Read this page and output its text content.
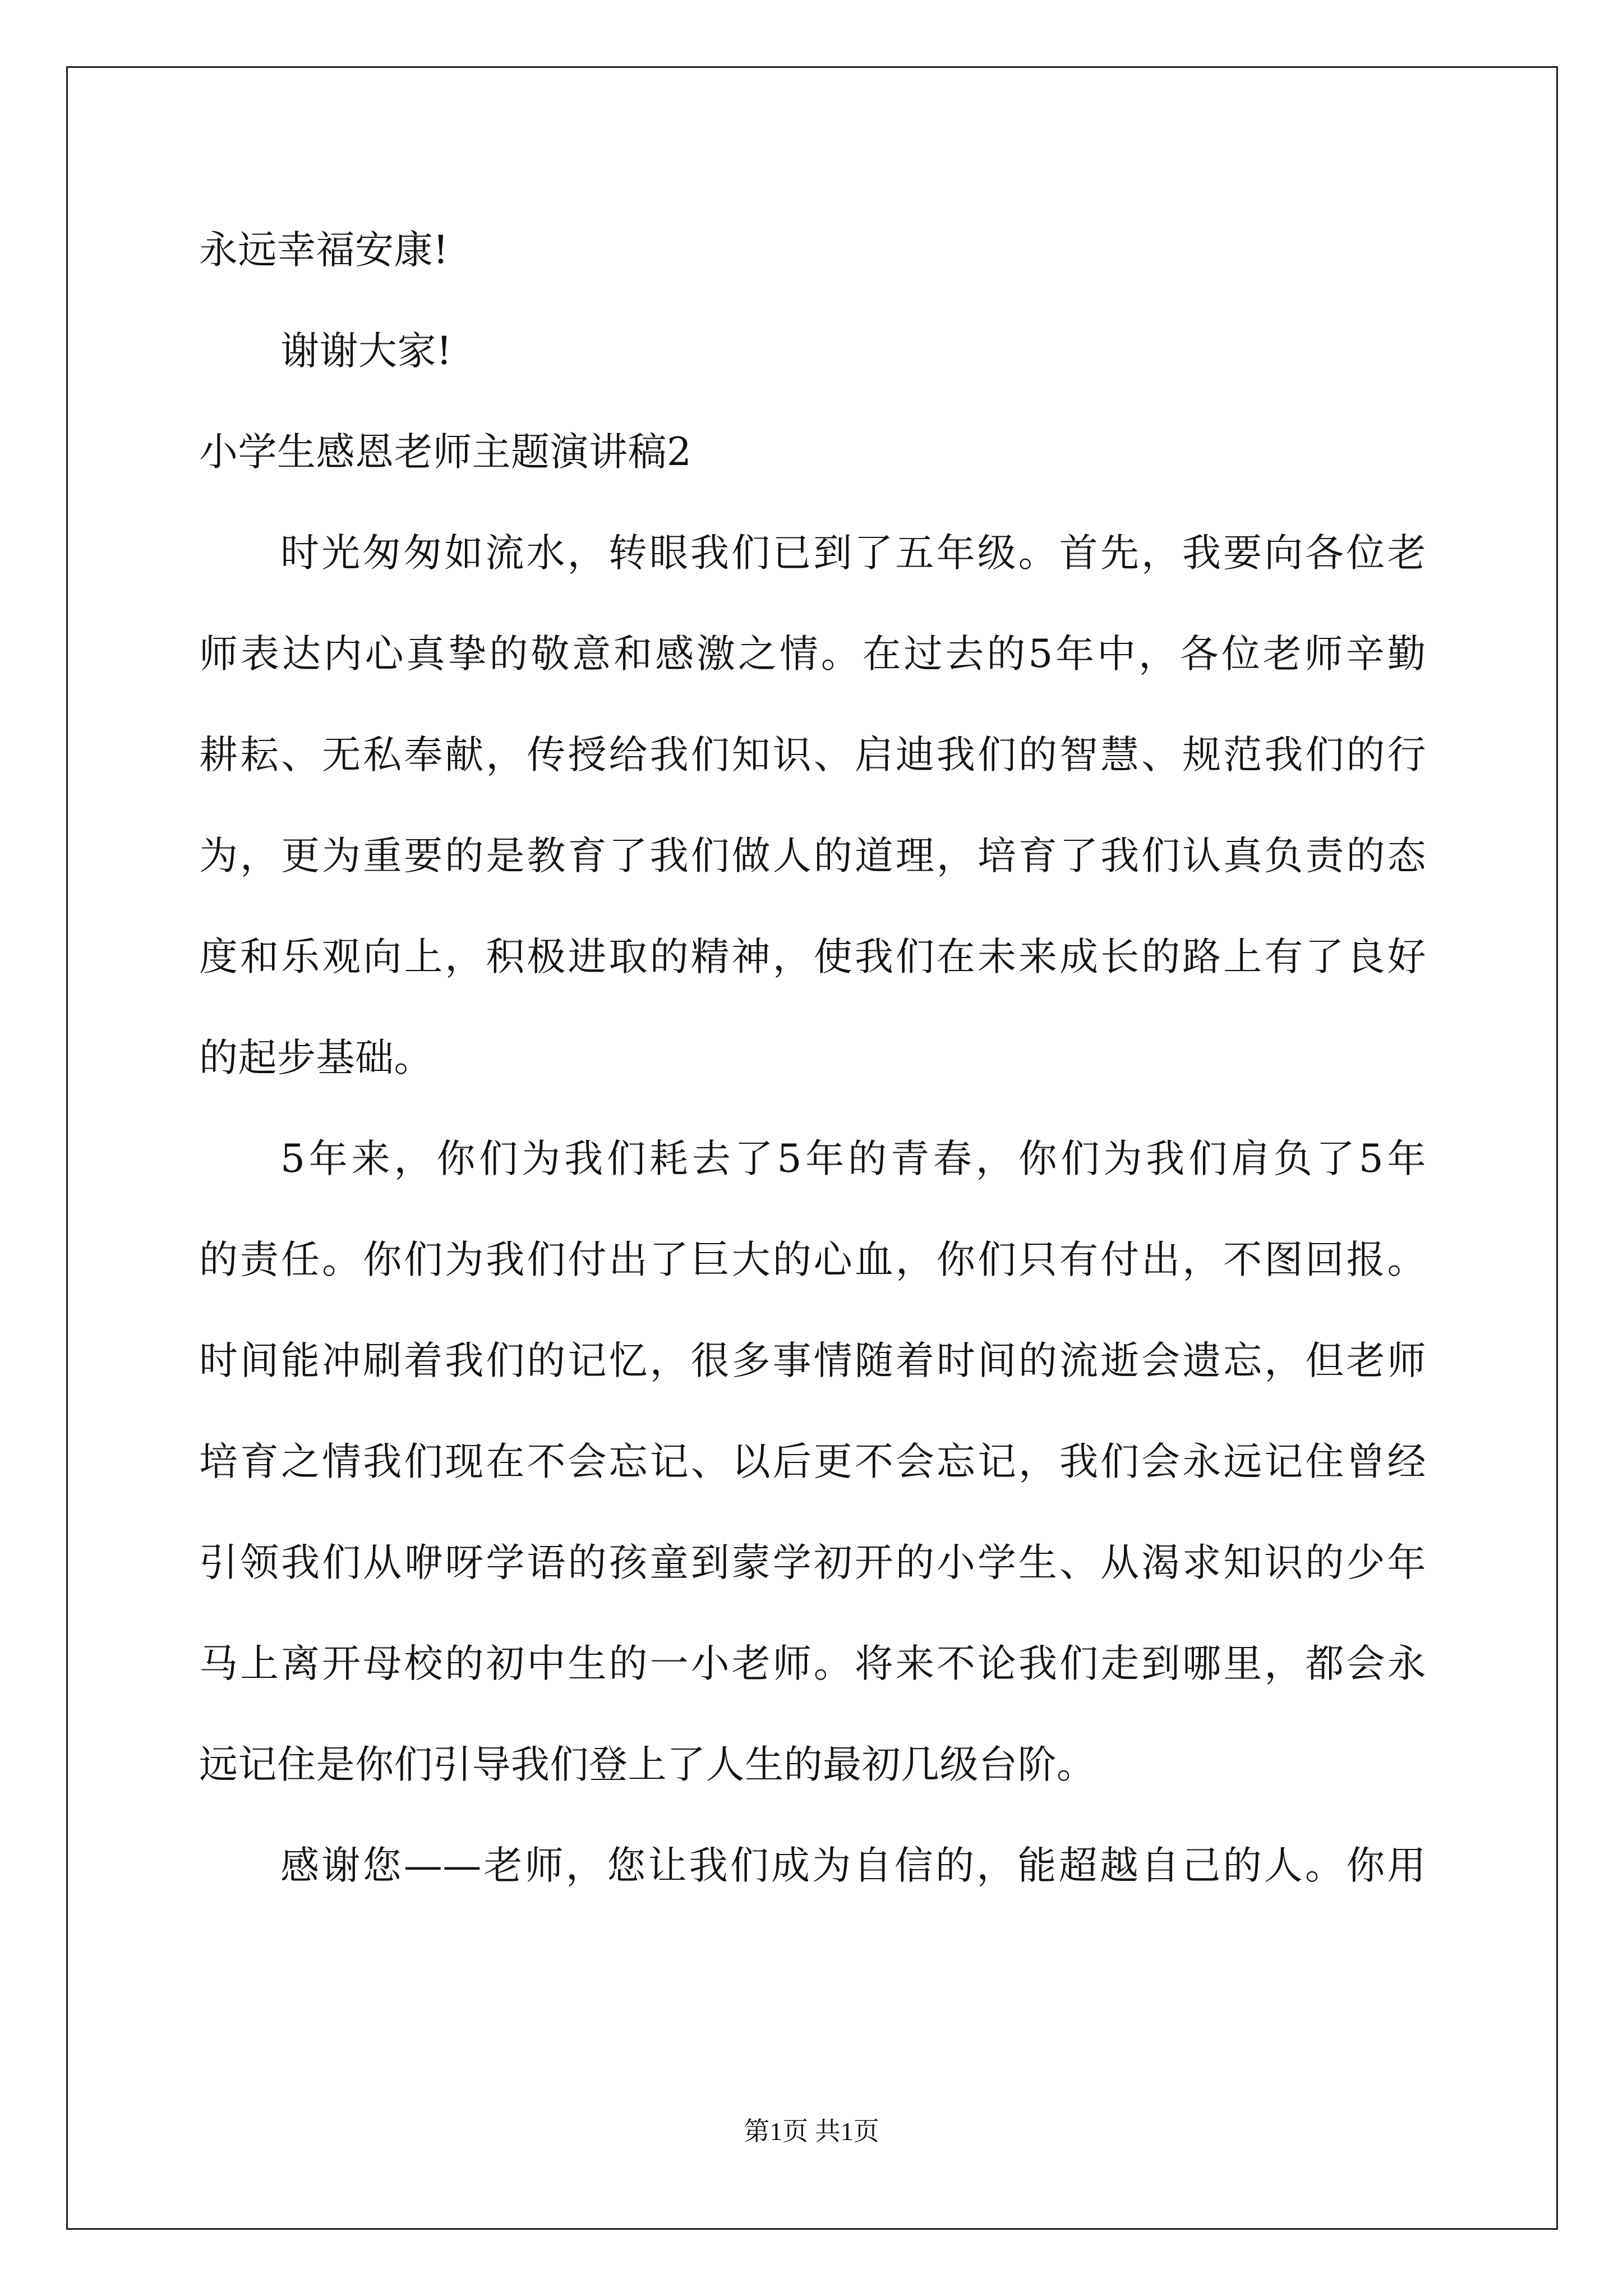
永远幸福安康!
谢谢大家!
小学生感恩老师主题演讲稿2
时光匆匆如流水，转眼我们已到了五年级。首先，我要向各位老
师表达内心真挚的敬意和感激之情。在过去的5年中，各位老师辛勤
耕耘、无私奉献，传授给我们知识、启迪我们的智慧、规范我们的行
为，更为重要的是教育了我们做人的道理，培育了我们认真负责的态
度和乐观向上，积极进取的精神，使我们在未来成长的路上有了良好
的起步基础。
5年来，你们为我们耗去了5年的青春，你们为我们肩负了5年
的责任。你们为我们付出了巨大的心血，你们只有付出，不图回报。
时间能冲刷着我们的记忆，很多事情随着时间的流逝会遗忘，但老师
培育之情我们现在不会忘记、以后更不会忘记，我们会永远记住曾经
引领我们从咿呀学语的孩童到蒙学初开的小学生、从渴求知识的少年
马上离开母校的初中生的一小老师。将来不论我们走到哪里，都会永
远记住是你们引导我们登上了人生的最初几级台阶。
感谢您——老师，您让我们成为自信的，能超越自己的人。你用
第1页 共1页
